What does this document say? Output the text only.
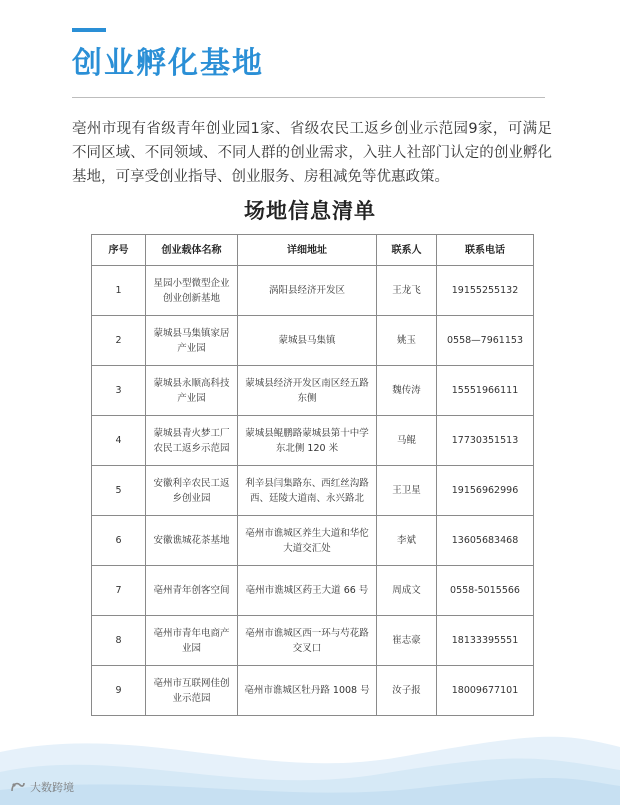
创业孵化基地

亳州市现有省级青年创业园1家、省级农民工返乡创业示范园9家，可满足不同区域、不同领域、不同人群的创业需求，入驻人社部门认定的创业孵化基地，可享受创业指导、创业服务、房租减免等优惠政策。

场地信息清单
序号	创业载体名称	详细地址	联系人	联系电话
1	星园小型微型企业创业创新基地	涡阳县经济开发区	王龙飞	19155255132
2	蒙城县马集镇家居产业园	蒙城县马集镇	姚玉	0558—7961153
3	蒙城县永顺高科技产业园	蒙城县经济开发区南区经五路东侧	魏传涛	15551966111
4	蒙城县青火梦工厂农民工返乡示范园	蒙城县鲲鹏路蒙城县第十中学东北侧 120 米	马鲲	17730351513
5	安徽利辛农民工返乡创业园	利辛县闫集路东、西红丝沟路西、廷陵大道南、永兴路北	王卫星	19156962996
6	安徽谯城花茶基地	亳州市谯城区养生大道和华佗大道交汇处	李斌	13605683468
7	亳州青年创客空间	亳州市谯城区药王大道 66 号	周成文	0558-5015566
8	亳州市青年电商产业园	亳州市谯城区西一环与芍花路交叉口	崔志豪	18133395551
9	亳州市互联网佳创业示范园	亳州市谯城区牡丹路 1008 号	汝子报	18009677101
大数跨境
